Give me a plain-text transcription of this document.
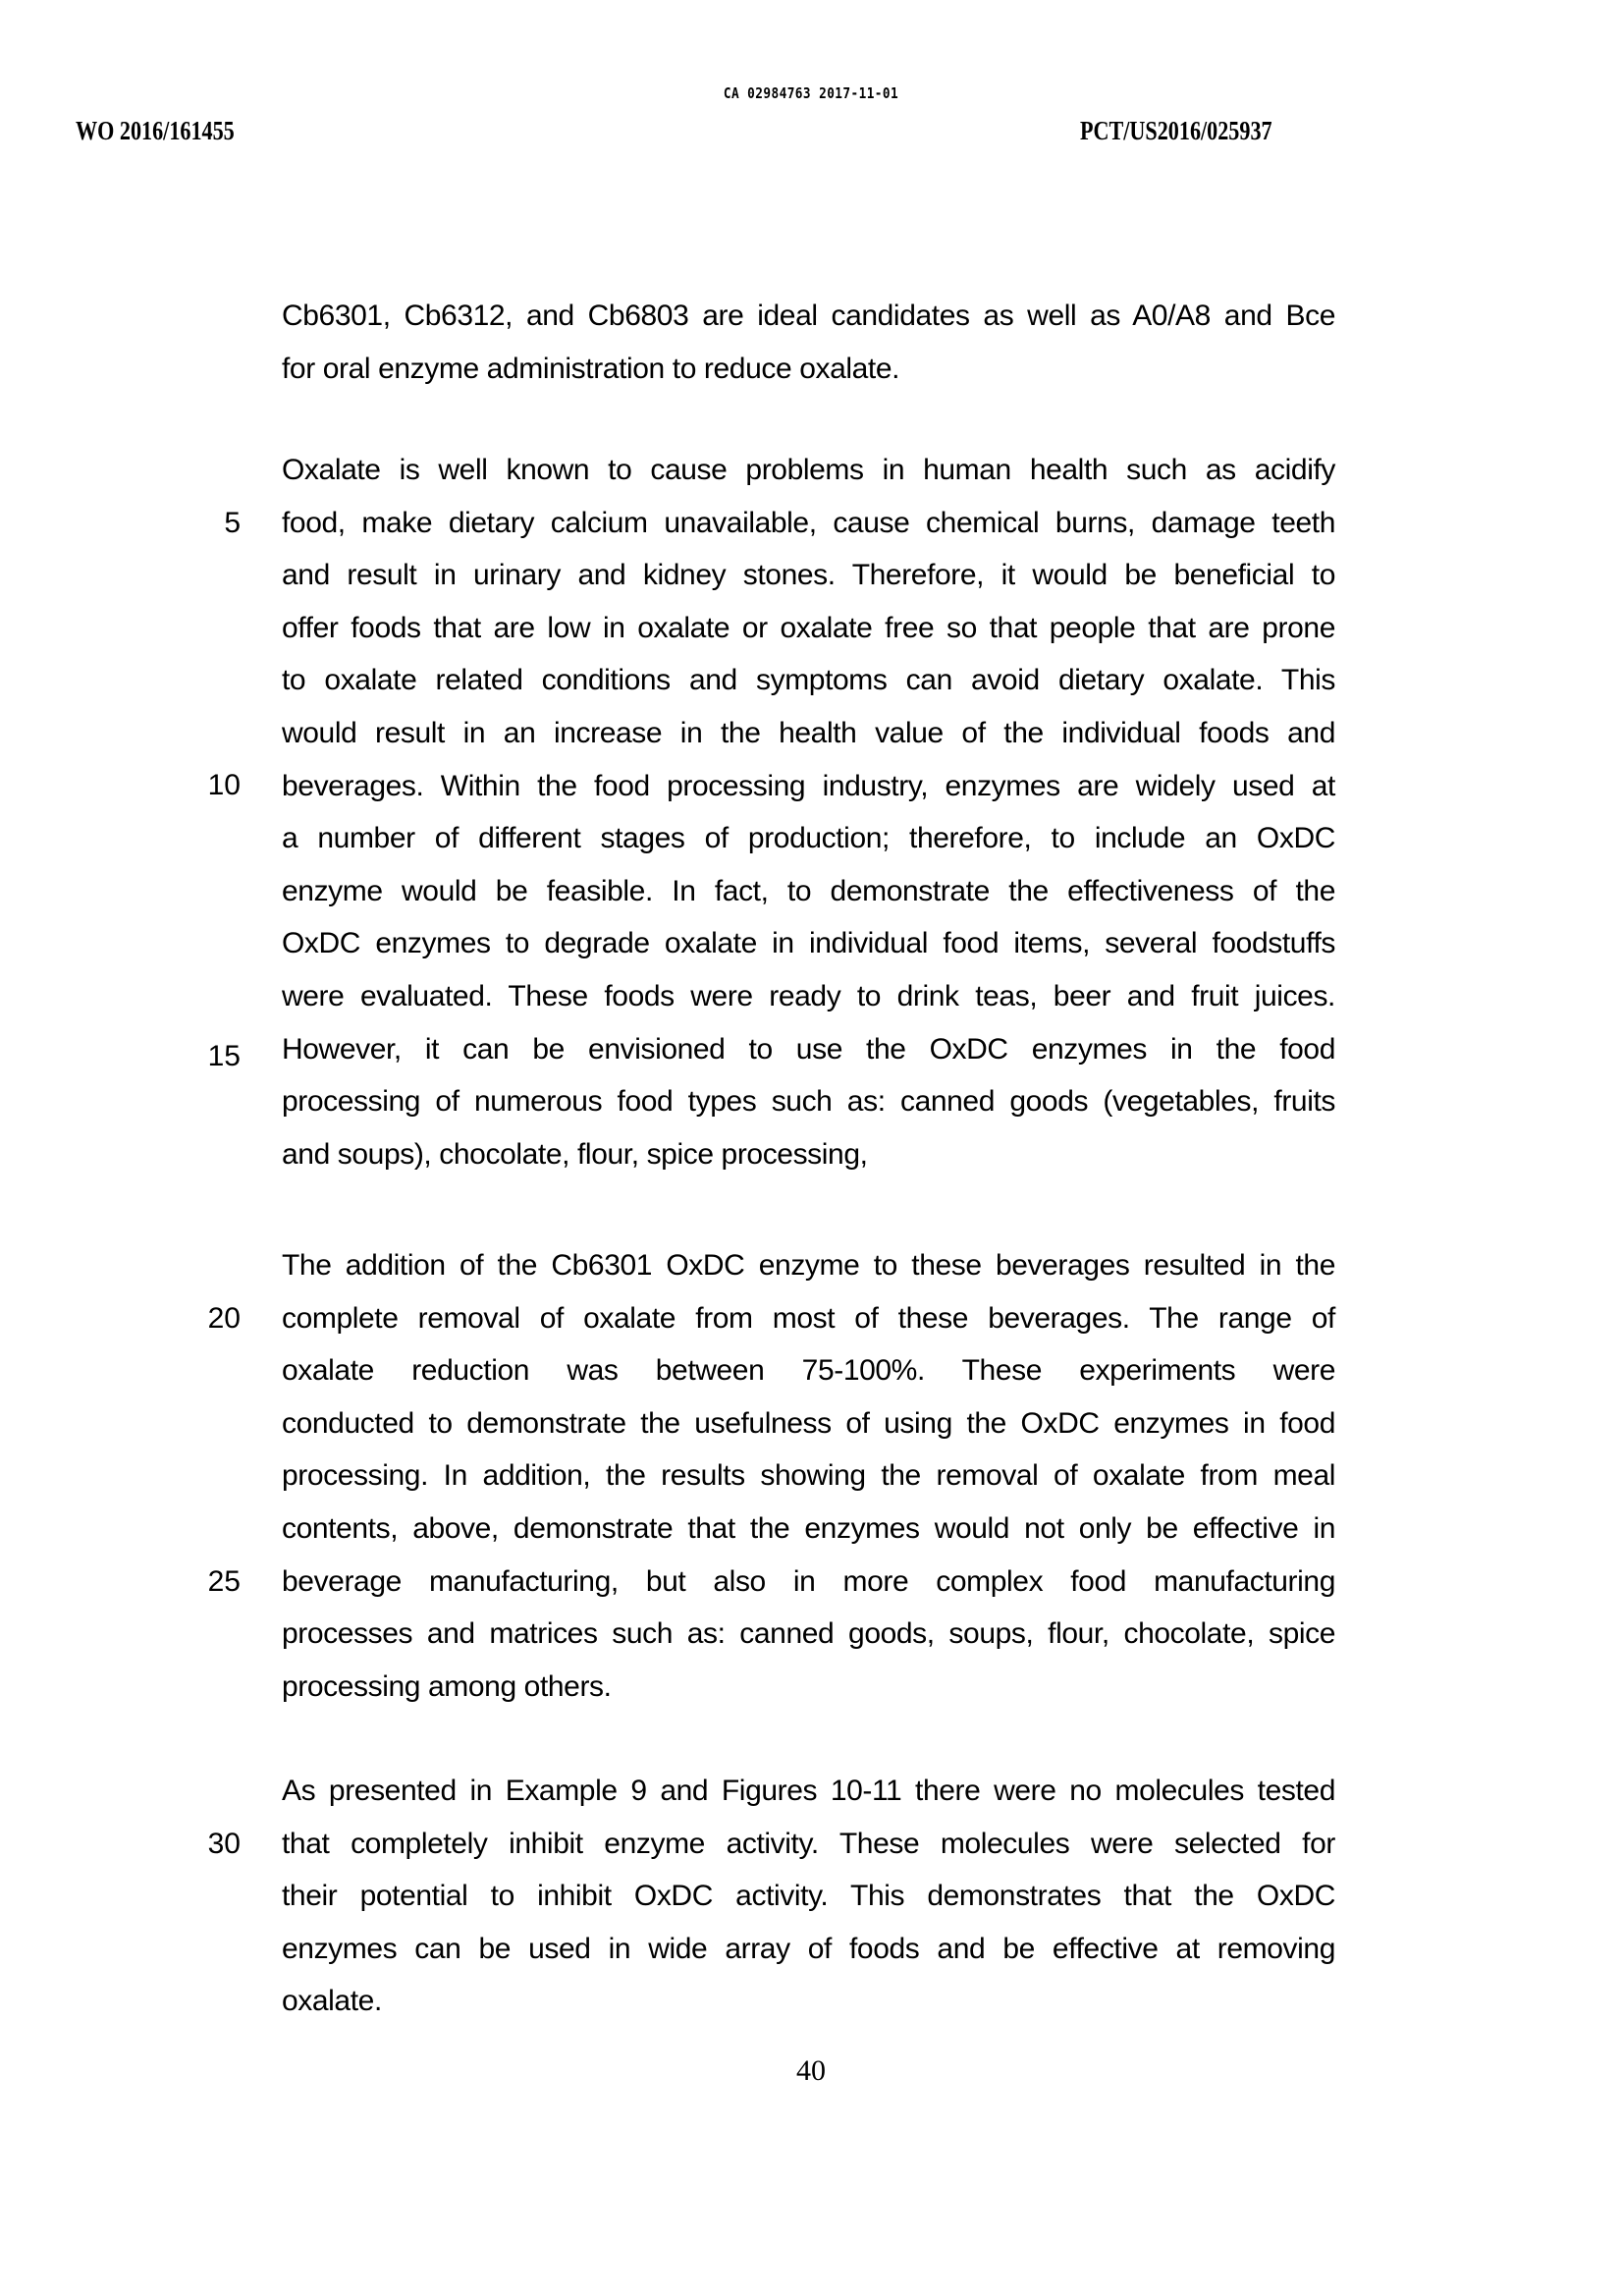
CA 02984763 2017-11-01
WO 2016/161455	PCT/US2016/025937
Cb6301, Cb6312, and Cb6803 are ideal candidates as well as A0/A8 and Bce
for oral enzyme administration to reduce oxalate.
Oxalate is well known to cause problems in human health such as acidify
food, make dietary calcium unavailable, cause chemical burns, damage teeth
and result in urinary and kidney stones. Therefore, it would be beneficial to
offer foods that are low in oxalate or oxalate free so that people that are prone
to oxalate related conditions and symptoms can avoid dietary oxalate. This
would result in an increase in the health value of the individual foods and
beverages. Within the food processing industry, enzymes are widely used at
a number of different stages of production; therefore, to include an OxDC
enzyme would be feasible. In fact, to demonstrate the effectiveness of the
OxDC enzymes to degrade oxalate in individual food items, several foodstuffs
were evaluated. These foods were ready to drink teas, beer and fruit juices.
However, it can be envisioned to use the OxDC enzymes in the food
processing of numerous food types such as: canned goods (vegetables, fruits
and soups), chocolate, flour, spice processing,
The addition of the Cb6301 OxDC enzyme to these beverages resulted in the
complete removal of oxalate from most of these beverages. The range of
oxalate reduction was between 75-100%. These experiments were
conducted to demonstrate the usefulness of using the OxDC enzymes in food
processing. In addition, the results showing the removal of oxalate from meal
contents, above, demonstrate that the enzymes would not only be effective in
beverage manufacturing, but also in more complex food manufacturing
processes and matrices such as: canned goods, soups, flour, chocolate, spice
processing among others.
As presented in Example 9 and Figures 10-11 there were no molecules tested
that completely inhibit enzyme activity. These molecules were selected for
their potential to inhibit OxDC activity. This demonstrates that the OxDC
enzymes can be used in wide array of foods and be effective at removing
oxalate.
5
10
15
20
25
30
40
